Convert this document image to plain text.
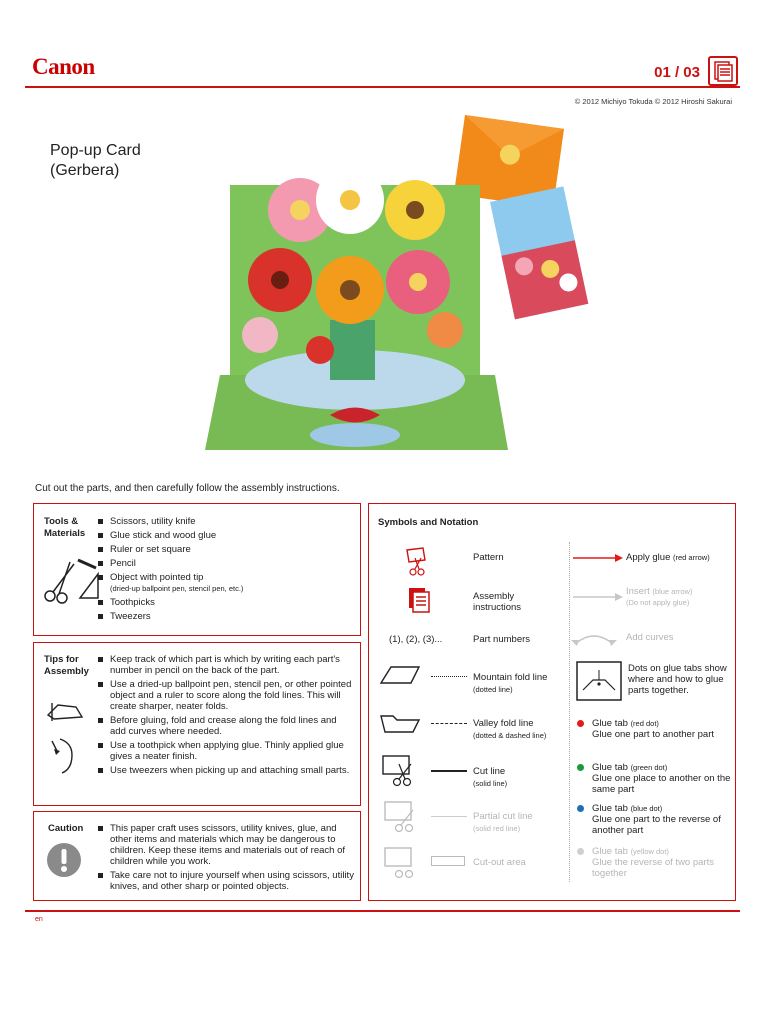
Canon	01 / 03
© 2012 Michiyo Tokuda © 2012 Hiroshi Sakurai
Pop-up Card
(Gerbera)
Cut out the parts, and then carefully follow the assembly instructions.
Tools & Materials
Scissors, utility knife
Glue stick and wood glue
Ruler or set square
Pencil
Object with pointed tip
(dried-up ballpoint pen, stencil pen, etc.)
Toothpicks
Tweezers
Tips for Assembly
Keep track of which part is which by writing each part's number in pencil on the back of the part.
Use a dried-up ballpoint pen, stencil pen, or other pointed object and a ruler to score along the fold lines. This will create sharper, neater folds.
Before gluing, fold and crease along the fold lines and add curves where needed.
Use a toothpick when applying glue. Thinly applied glue gives a neater finish.
Use tweezers when picking up and attaching small parts.
Caution	This paper craft uses scissors, utility knives, glue, and other items and materials which may be dangerous to children. Keep these items and materials out of reach of children while you work.
Take care not to injure yourself when using scissors, utility knives, and other sharp or pointed objects.
Symbols and Notation
Pattern
Assembly instructions
(1), (2), (3)...	Part numbers
Mountain fold line
(dotted line)
Valley fold line
(dotted & dashed line)
Cut line
(solid line)
Partial cut line
(solid red line)
Cut-out area
Apply glue (red arrow)
Insert (blue arrow)
(Do not apply glue)
Add curves
Dots on glue tabs show where and how to glue parts together.
Glue tab (red dot)
Glue one part to another part
Glue tab (green dot)
Glue one place to another on the same part
Glue tab (blue dot)
Glue one part to the reverse of another part
Glue tab (yellow dot)
Glue the reverse of two parts together
en
